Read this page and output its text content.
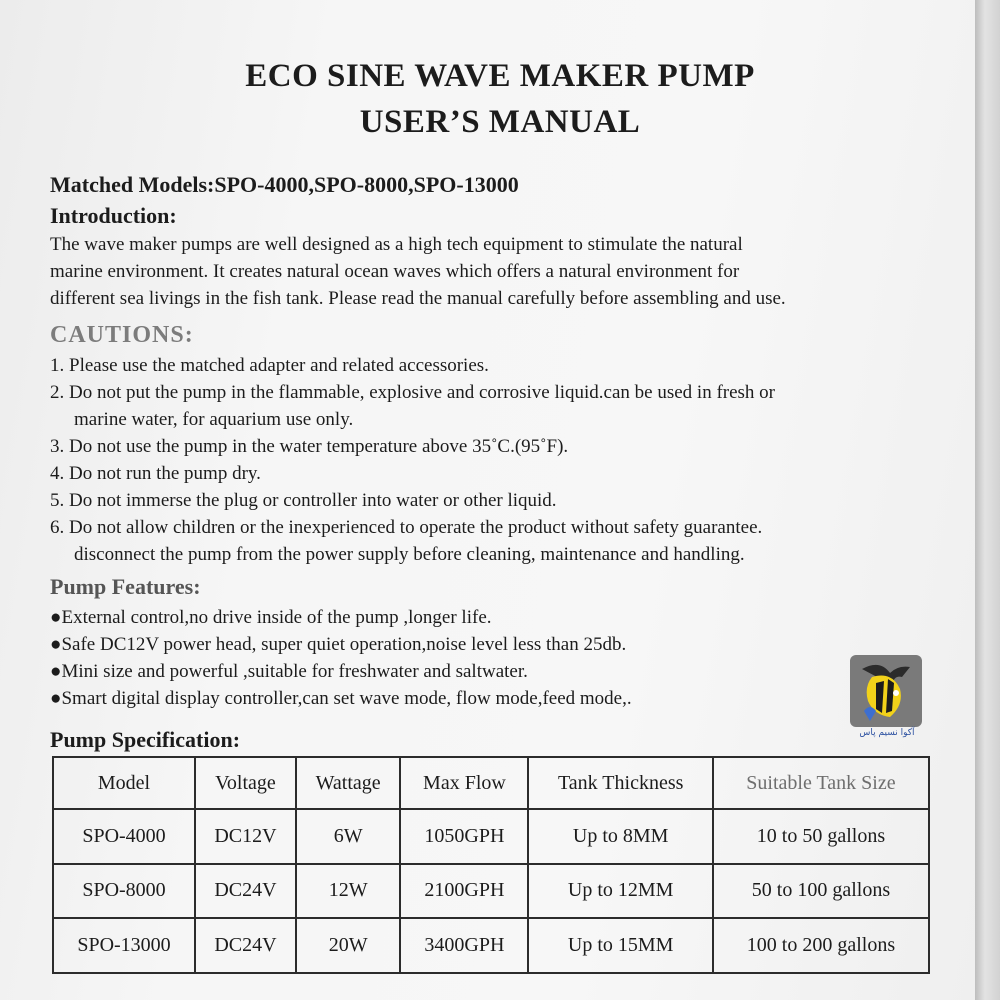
ECO SINE WAVE MAKER PUMP
USER’S MANUAL
Matched Models:SPO-4000,SPO-8000,SPO-13000
Introduction:
The wave maker pumps are well designed as a high tech equipment to stimulate the natural
marine environment. It creates natural ocean waves which offers a natural environment for
different sea livings in the fish tank. Please read the manual carefully before assembling and use.
CAUTIONS:
1. Please use the matched adapter and related accessories.
2. Do not put the pump in the flammable, explosive and corrosive liquid.can be used in fresh or
marine water, for aquarium use only.
3. Do not use the pump in the water temperature above 35˚C.(95˚F).
4. Do not run the pump dry.
5. Do not immerse the plug or controller into water or other liquid.
6. Do not allow children or the inexperienced to operate the product without safety guarantee.
disconnect the pump from the power supply before cleaning, maintenance and handling.
Pump Features:
●External control,no drive inside of the pump ,longer life.
●Safe DC12V power head, super quiet operation,noise level less than 25db.
●Mini size and powerful ,suitable for freshwater and saltwater.
●Smart digital display controller,can set wave mode, flow mode,feed mode,.
Pump Specification:
Model	Voltage	Wattage	Max Flow	Tank Thickness	Suitable Tank Size
SPO-4000	DC12V	6W	1050GPH	Up to 8MM	10 to 50 gallons
SPO-8000	DC24V	12W	2100GPH	Up to 12MM	50 to 100 gallons
SPO-13000	DC24V	20W	3400GPH	Up to 15MM	100 to 200 gallons
آکوا نسیم پاس
